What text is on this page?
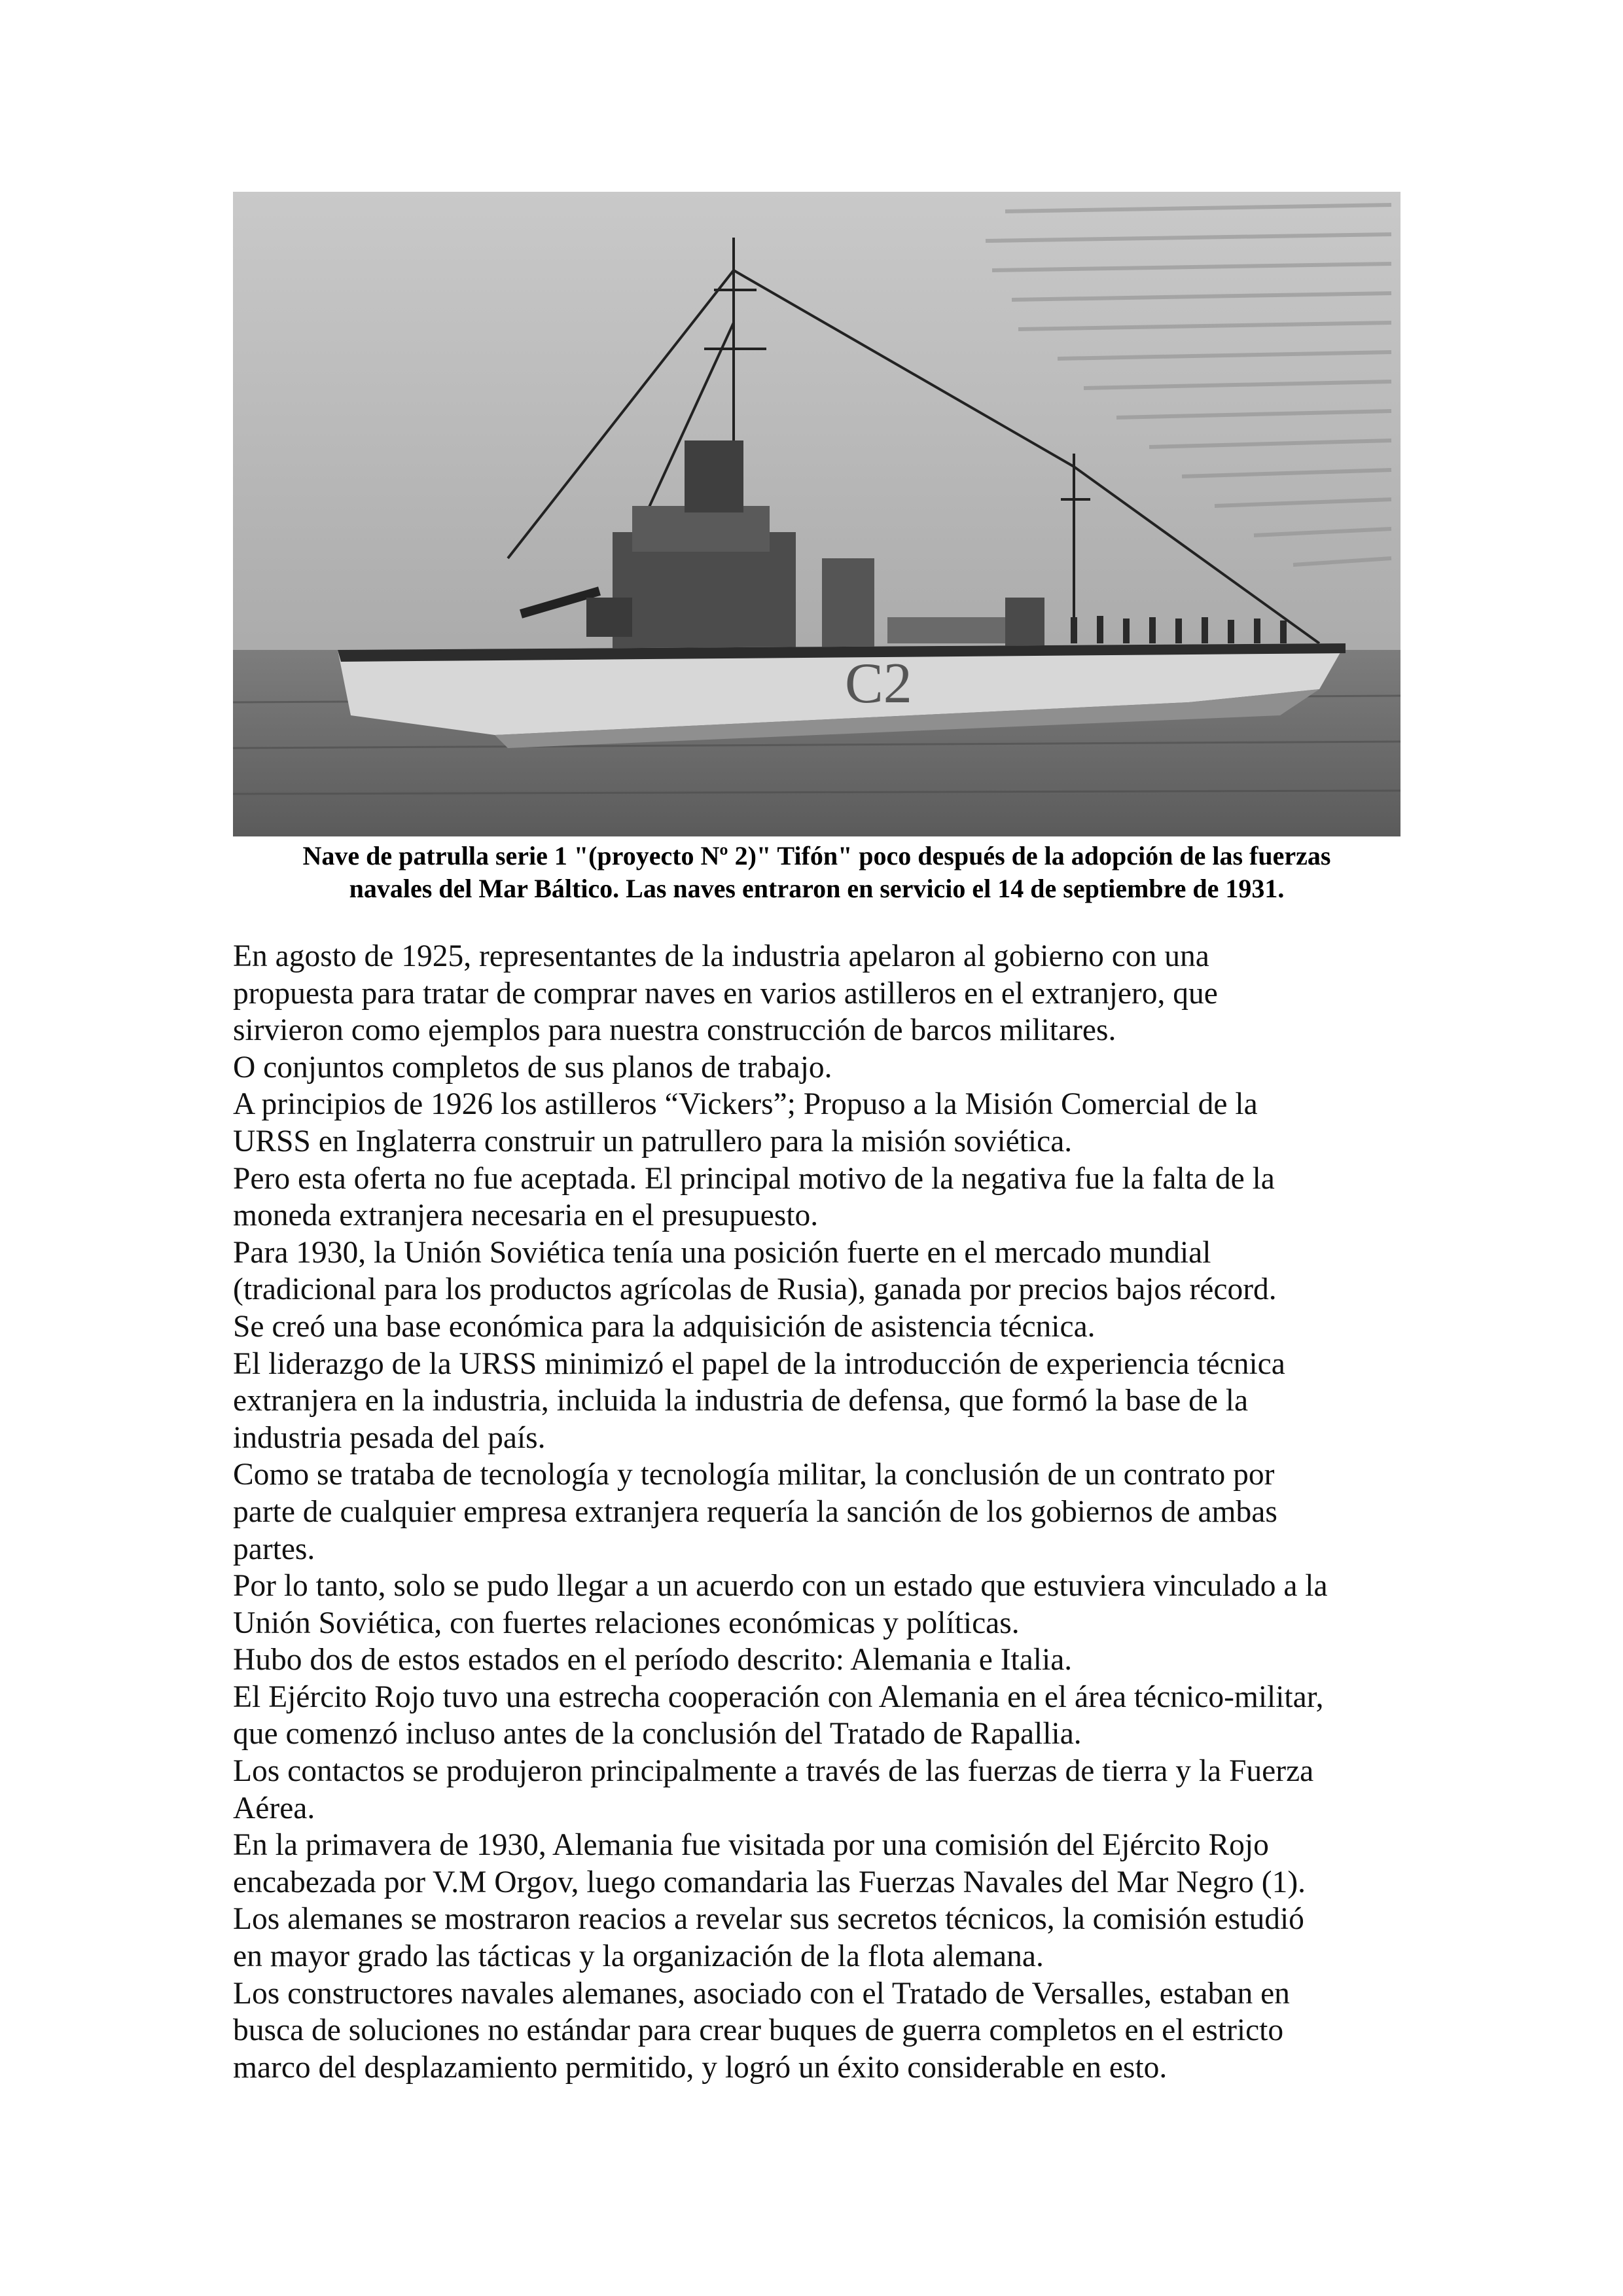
C2
Nave de patrulla serie 1 "(proyecto Nº 2)" Tifón" poco después de la adopción de las fuerzas
navales del Mar Báltico. Las naves entraron en servicio el 14 de septiembre de 1931.

En agosto de 1925, representantes de la industria apelaron al gobierno con una

propuesta para tratar de comprar naves en varios astilleros en el extranjero, que

sirvieron como ejemplos para nuestra construcción de barcos militares.

O conjuntos completos de sus planos de trabajo.

A principios de 1926 los astilleros “Vickers”; Propuso a la Misión Comercial de la

URSS en Inglaterra construir un patrullero para la misión soviética.

Pero esta oferta no fue aceptada. El principal motivo de la negativa fue la falta de la

moneda extranjera necesaria en el presupuesto.

Para 1930, la Unión Soviética tenía una posición fuerte en el mercado mundial

(tradicional para los productos agrícolas de Rusia), ganada por precios bajos récord.

Se creó una base económica para la adquisición de asistencia técnica.

El liderazgo de la URSS minimizó el papel de la introducción de experiencia técnica

extranjera en la industria, incluida la industria de defensa, que formó la base de la

industria pesada del país.

Como se trataba de tecnología y tecnología militar, la conclusión de un contrato por

parte de cualquier empresa extranjera requería la sanción de los gobiernos de ambas

partes.

Por lo tanto, solo se pudo llegar a un acuerdo con un estado que estuviera vinculado a la

Unión Soviética, con fuertes relaciones económicas y políticas.

Hubo dos de estos estados en el período descrito: Alemania e Italia.

El Ejército Rojo tuvo una estrecha cooperación con Alemania en el área técnico-militar,

que comenzó incluso antes de la conclusión del Tratado de Rapallia.

Los contactos se produjeron principalmente a través de las fuerzas de tierra y la Fuerza

Aérea.

En la primavera de 1930, Alemania fue visitada por una comisión del Ejército Rojo

encabezada por V.M Orgov, luego comandaria las Fuerzas Navales del Mar Negro (1).

Los alemanes se mostraron reacios a revelar sus secretos técnicos, la comisión estudió

en mayor grado las tácticas y la organización de la flota alemana.

Los constructores navales alemanes, asociado con el Tratado de Versalles, estaban en

busca de soluciones no estándar para crear buques de guerra completos en el estricto

marco del desplazamiento permitido, y logró un éxito considerable en esto.
